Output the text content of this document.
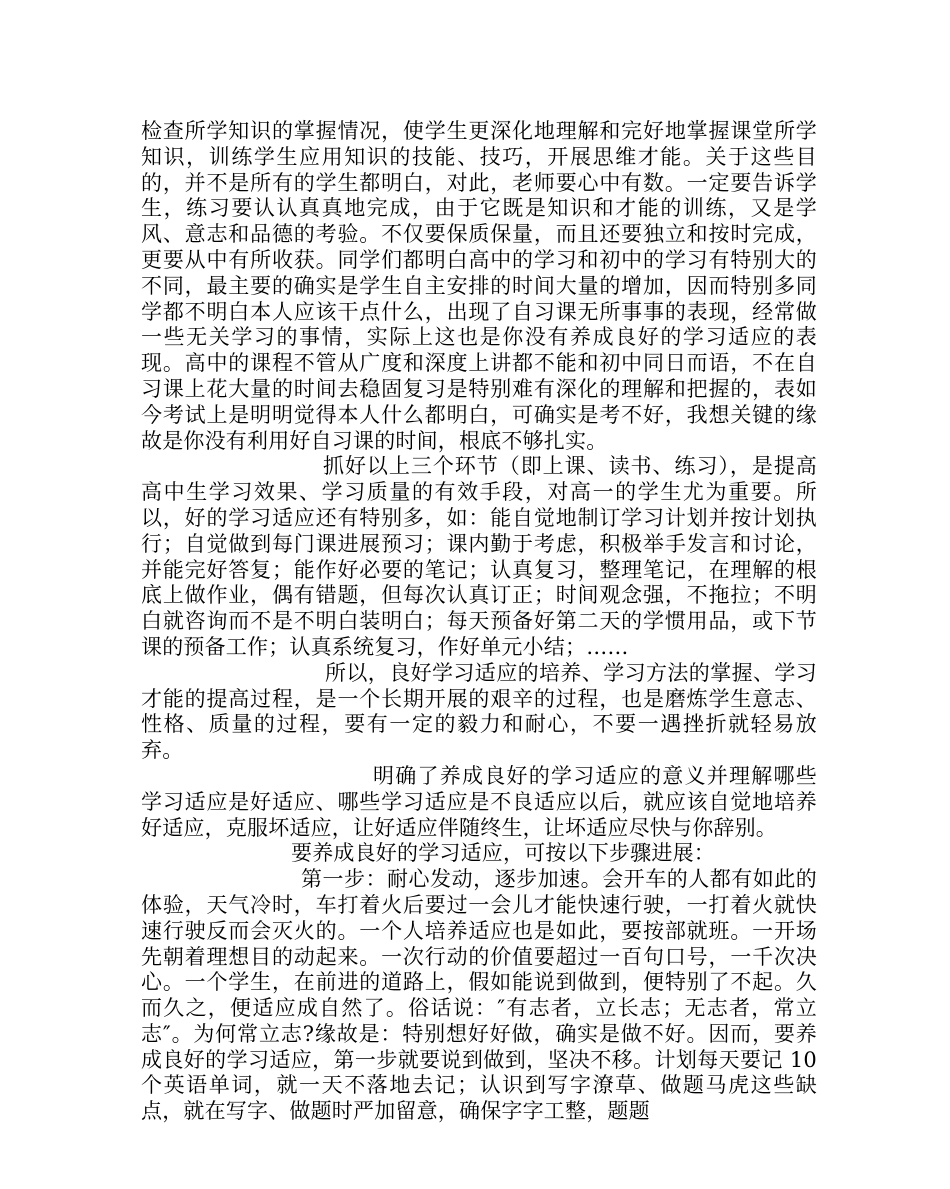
检查所学知识的掌握情况，使学生更深化地理解和完好地掌握课堂所学知识，训练学生应用知识的技能、技巧，开展思维才能。关于这些目的，并不是所有的学生都明白，对此，老师要心中有数。一定要告诉学生，练习要认认真真地完成，由于它既是知识和才能的训练，又是学风、意志和品德的考验。不仅要保质保量，而且还要独立和按时完成，更要从中有所收获。同学们都明白高中的学习和初中的学习有特别大的不同，最主要的确实是学生自主安排的时间大量的增加，因而特别多同学都不明白本人应该干点什么，出现了自习课无所事事的表现，经常做一些无关学习的事情，实际上这也是你没有养成良好的学习适应的表现。高中的课程不管从广度和深度上讲都不能和初中同日而语，不在自习课上花大量的时间去稳固复习是特别难有深化的理解和把握的，表如今考试上是明明觉得本人什么都明白，可确实是考不好，我想关键的缘故是你没有利用好自习课的时间，根底不够扎实。

抓好以上三个环节（即上课、读书、练习），是提高高中生学习效果、学习质量的有效手段，对高一的学生尤为重要。所以，好的学习适应还有特别多，如：能自觉地制订学习计划并按计划执行；自觉做到每门课进展预习；课内勤于考虑，积极举手发言和讨论，并能完好答复；能作好必要的笔记；认真复习，整理笔记，在理解的根底上做作业，偶有错题，但每次认真订正；时间观念强，不拖拉；不明白就咨询而不是不明白装明白；每天预备好第二天的学惯用品，或下节课的预备工作；认真系统复习，作好单元小结；……

所以，良好学习适应的培养、学习方法的掌握、学习才能的提高过程，是一个长期开展的艰辛的过程，也是磨炼学生意志、性格、质量的过程，要有一定的毅力和耐心，不要一遇挫折就轻易放弃。

明确了养成良好的学习适应的意义并理解哪些学习适应是好适应、哪些学习适应是不良适应以后，就应该自觉地培养好适应，克服坏适应，让好适应伴随终生，让坏适应尽快与你辞别。

要养成良好的学习适应，可按以下步骤进展：

第一步：耐心发动，逐步加速。会开车的人都有如此的体验，天气冷时，车打着火后要过一会儿才能快速行驶，一打着火就快速行驶反而会灭火的。一个人培养适应也是如此，要按部就班。一开场先朝着理想目的动起来。一次行动的价值要超过一百句口号，一千次决心。一个学生，在前进的道路上，假如能说到做到，便特别了不起。久而久之，便适应成自然了。俗话说：″有志者，立长志；无志者，常立志″。为何常立志?缘故是：特别想好好做，确实是做不好。因而，要养成良好的学习适应，第一步就要说到做到，坚决不移。计划每天要记 10 个英语单词，就一天不落地去记；认识到写字潦草、做题马虎这些缺点，就在写字、做题时严加留意，确保字字工整，题题
